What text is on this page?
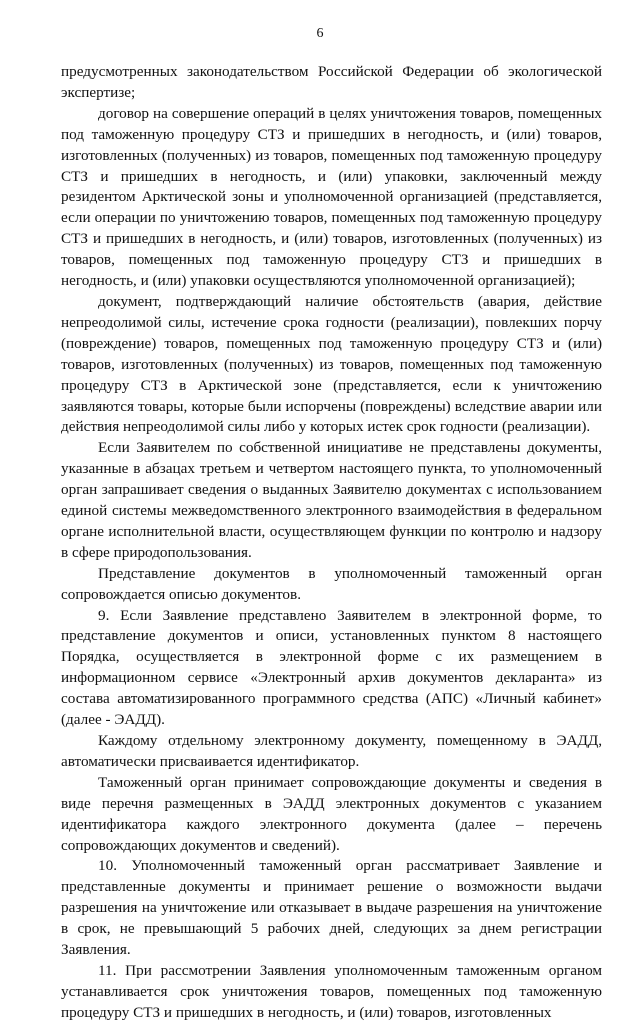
6

предусмотренных законодательством Российской Федерации об экологической экспертизе;

договор на совершение операций в целях уничтожения товаров, помещенных под таможенную процедуру СТЗ и пришедших в негодность, и (или) товаров, изготовленных (полученных) из товаров, помещенных под таможенную процедуру СТЗ и пришедших в негодность, и (или) упаковки, заключенный между резидентом Арктической зоны и уполномоченной организацией (представляется, если операции по уничтожению товаров, помещенных под таможенную процедуру СТЗ и пришедших в негодность, и (или) товаров, изготовленных (полученных) из товаров, помещенных под таможенную процедуру СТЗ и пришедших в негодность, и (или) упаковки осуществляются уполномоченной организацией);

документ, подтверждающий наличие обстоятельств (авария, действие непреодолимой силы, истечение срока годности (реализации), повлекших порчу (повреждение) товаров, помещенных под таможенную процедуру СТЗ и (или) товаров, изготовленных (полученных) из товаров, помещенных под таможенную процедуру СТЗ в Арктической зоне (представляется, если к уничтожению заявляются товары, которые были испорчены (повреждены) вследствие аварии или действия непреодолимой силы либо у которых истек срок годности (реализации).

Если Заявителем по собственной инициативе не представлены документы, указанные в абзацах третьем и четвертом настоящего пункта, то уполномоченный орган запрашивает сведения о выданных Заявителю документах с использованием единой системы межведомственного электронного взаимодействия в федеральном органе исполнительной власти, осуществляющем функции по контролю и надзору в сфере природопользования.

Представление документов в уполномоченный таможенный орган сопровождается описью документов.

9. Если Заявление представлено Заявителем в электронной форме, то представление документов и описи, установленных пунктом 8 настоящего Порядка, осуществляется в электронной форме с их размещением в информационном сервисе «Электронный архив документов декларанта» из состава автоматизированного программного средства (АПС) «Личный кабинет» (далее - ЭАДД).

Каждому отдельному электронному документу, помещенному в ЭАДД, автоматически присваивается идентификатор.

Таможенный орган принимает сопровождающие документы и сведения в виде перечня размещенных в ЭАДД электронных документов с указанием идентификатора каждого электронного документа (далее – перечень сопровождающих документов и сведений).

10. Уполномоченный таможенный орган рассматривает Заявление и представленные документы и принимает решение о возможности выдачи разрешения на уничтожение или отказывает в выдаче разрешения на уничтожение в срок, не превышающий 5 рабочих дней, следующих за днем регистрации Заявления.

11. При рассмотрении Заявления уполномоченным таможенным органом устанавливается срок уничтожения товаров, помещенных под таможенную процедуру СТЗ и пришедших в негодность, и (или) товаров, изготовленных
